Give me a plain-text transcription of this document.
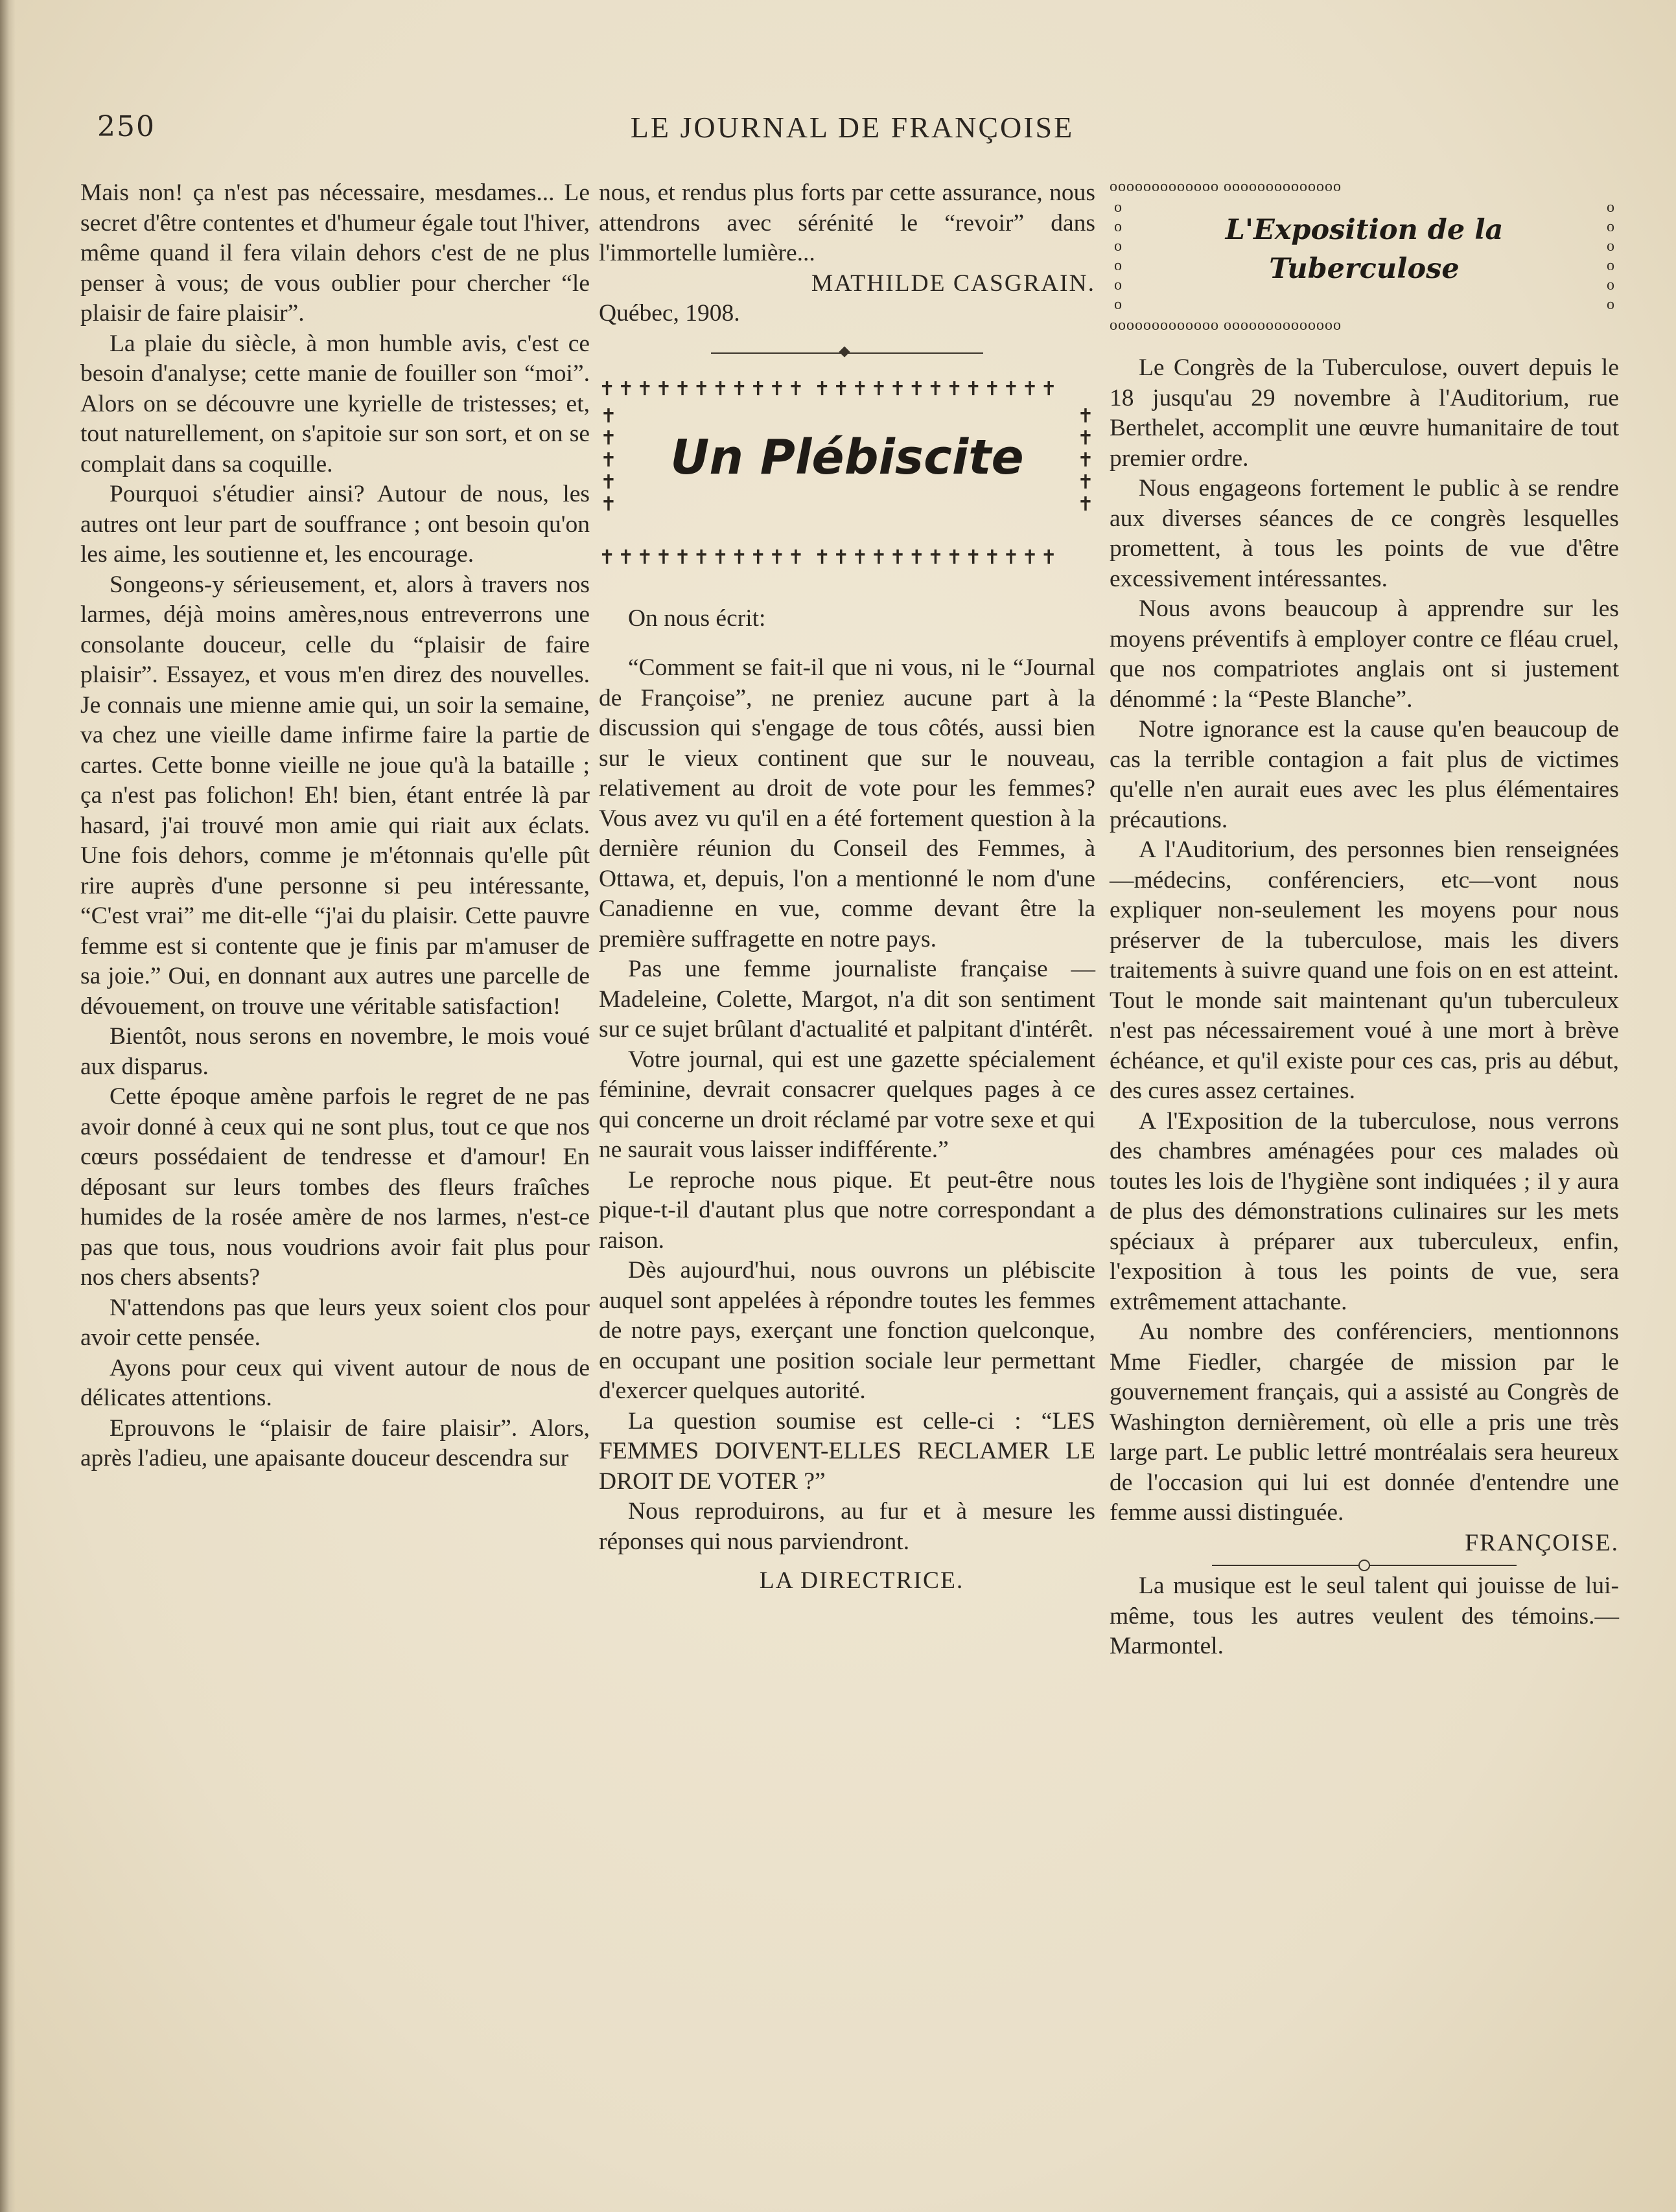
250	LE JOURNAL DE FRANÇOISE

Mais non! ça n'est pas nécessaire, mesdames... Le secret d'être contentes et d'humeur égale tout l'hiver, même quand il fera vilain dehors c'est de ne plus penser à vous; de vous oublier pour chercher “le plaisir de faire plaisir”.

La plaie du siècle, à mon humble avis, c'est ce besoin d'analyse; cette manie de fouiller son “moi”. Alors on se découvre une kyrielle de tristesses; et, tout naturellement, on s'apitoie sur son sort, et on se complait dans sa coquille.

Pourquoi s'étudier ainsi? Autour de nous, les autres ont leur part de souffrance ; ont besoin qu'on les aime, les soutienne et, les encourage.

Songeons-y sérieusement, et, alors à travers nos larmes, déjà moins amères,nous entreverrons une consolante douceur, celle du “plaisir de faire plaisir”. Essayez, et vous m'en direz des nouvelles. Je connais une mienne amie qui, un soir la semaine, va chez une vieille dame infirme faire la partie de cartes. Cette bonne vieille ne joue qu'à la bataille ; ça n'est pas folichon! Eh! bien, étant entrée là par hasard, j'ai trouvé mon amie qui riait aux éclats. Une fois dehors, comme je m'étonnais qu'elle pût rire auprès d'une personne si peu intéressante, “C'est vrai” me dit-elle “j'ai du plaisir. Cette pauvre femme est si contente que je finis par m'amuser de sa joie.” Oui, en donnant aux autres une parcelle de dévouement, on trouve une véritable satisfaction!

Bientôt, nous serons en novembre, le mois voué aux disparus.

Cette époque amène parfois le regret de ne pas avoir donné à ceux qui ne sont plus, tout ce que nos cœurs possédaient de tendresse et d'amour! En déposant sur leurs tombes des fleurs fraîches humides de la rosée amère de nos larmes, n'est-ce pas que tous, nous voudrions avoir fait plus pour nos chers absents?

N'attendons pas que leurs yeux soient clos pour avoir cette pensée.

Ayons pour ceux qui vivent autour de nous de délicates attentions.

Eprouvons le “plaisir de faire plaisir”. Alors, après l'adieu, une apaisante douceur descendra sur

nous, et rendus plus forts par cette assurance, nous attendrons avec sérénité le “revoir” dans l'immortelle lumière...

MATHILDE CASGRAIN.

Québec, 1908.

✝✝✝✝✝✝✝✝✝✝✝ ✝✝✝✝✝✝✝✝✝✝✝✝✝
✝✝✝✝✝✝✝✝✝✝✝ ✝✝✝✝✝✝✝✝✝✝✝✝✝
✝ ✝ ✝ ✝ ✝
✝ ✝ ✝ ✝ ✝
Un Plébiscite

On nous écrit:

“Comment se fait-il que ni vous, ni le “Journal de Françoise”, ne preniez aucune part à la discussion qui s'engage de tous côtés, aussi bien sur le vieux continent que sur le nouveau, relativement au droit de vote pour les femmes? Vous avez vu qu'il en a été fortement question à la dernière réunion du Conseil des Femmes, à Ottawa, et, depuis, l'on a mentionné le nom d'une Canadienne en vue, comme devant être la première suffragette en notre pays.

Pas une femme journaliste française — Madeleine, Colette, Margot, n'a dit son sentiment sur ce sujet brûlant d'actualité et palpitant d'intérêt.

Votre journal, qui est une gazette spécialement féminine, devrait consacrer quelques pages à ce qui concerne un droit réclamé par votre sexe et qui ne saurait vous laisser indifférente.”

Le reproche nous pique. Et peut-être nous pique-t-il d'autant plus que notre correspondant a raison.

Dès aujourd'hui, nous ouvrons un plébiscite auquel sont appelées à répondre toutes les femmes de notre pays, exerçant une fonction quelconque, en occupant une position sociale leur permettant d'exercer quelques autorité.

La question soumise est celle-ci : “LES FEMMES DOIVENT-ELLES RECLAMER LE DROIT DE VOTER ?”

Nous reproduirons, au fur et à mesure les réponses qui nous parviendront.

LA DIRECTRICE.

ooooooooooooo oooooooooooooo
ooooooooooooo oooooooooooooo
o o o o o o
o o o o o o
L'Exposition de la Tuberculose

Le Congrès de la Tuberculose, ouvert depuis le 18 jusqu'au 29 novembre à l'Auditorium, rue Berthelet, accomplit une œuvre humanitaire de tout premier ordre.

Nous engageons fortement le public à se rendre aux diverses séances de ce congrès lesquelles promettent, à tous les points de vue d'être excessivement intéressantes.

Nous avons beaucoup à apprendre sur les moyens préventifs à employer contre ce fléau cruel, que nos compatriotes anglais ont si justement dénommé : la “Peste Blanche”.

Notre ignorance est la cause qu'en beaucoup de cas la terrible contagion a fait plus de victimes qu'elle n'en aurait eues avec les plus élémentaires précautions.

A l'Auditorium, des personnes bien renseignées—médecins, conférenciers, etc—vont nous expliquer non-seulement les moyens pour nous préserver de la tuberculose, mais les divers traitements à suivre quand une fois on en est atteint. Tout le monde sait maintenant qu'un tuberculeux n'est pas nécessairement voué à une mort à brève échéance, et qu'il existe pour ces cas, pris au début, des cures assez certaines.

A l'Exposition de la tuberculose, nous verrons des chambres aménagées pour ces malades où toutes les lois de l'hygiène sont indiquées ; il y aura de plus des démonstrations culinaires sur les mets spéciaux à préparer aux tuberculeux, enfin, l'exposition à tous les points de vue, sera extrêmement attachante.

Au nombre des conférenciers, mentionnons Mme Fiedler, chargée de mission par le gouvernement français, qui a assisté au Congrès de Washington dernièrement, où elle a pris une très large part. Le public lettré montréalais sera heureux de l'occasion qui lui est donnée d'entendre une femme aussi distinguée.

FRANÇOISE.

La musique est le seul talent qui jouisse de lui-même, tous les autres veulent des témoins.—Marmontel.
